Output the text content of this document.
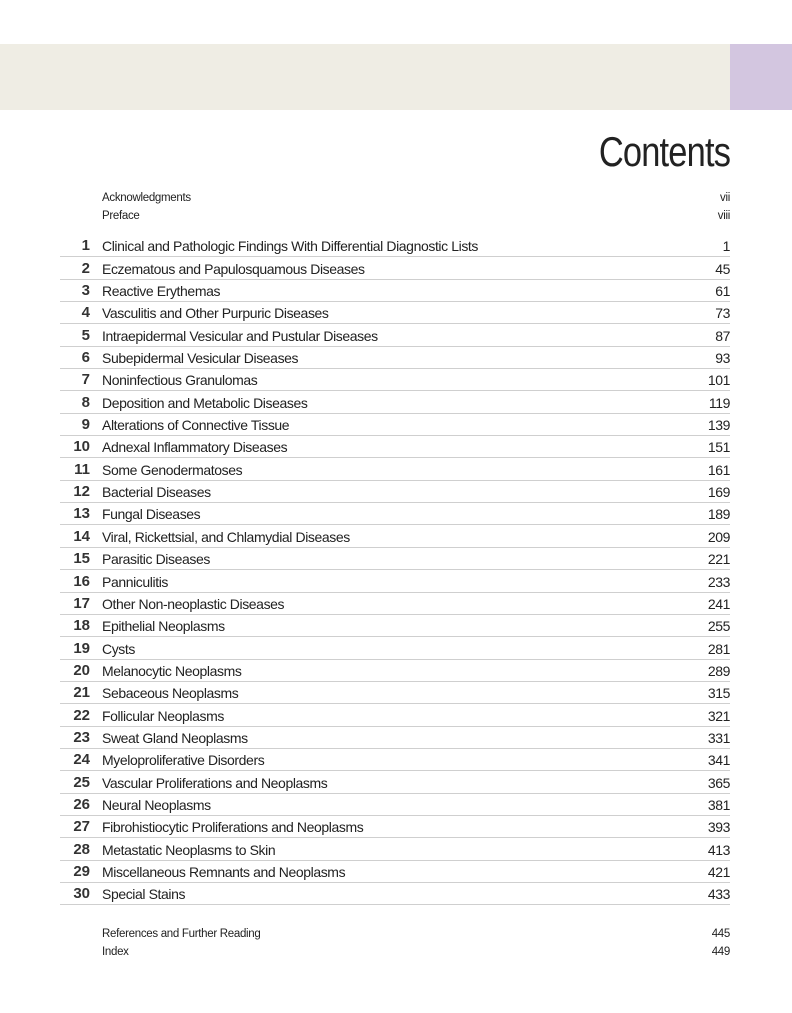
Contents
Acknowledgments	vii
Preface	viii
1 Clinical and Pathologic Findings With Differential Diagnostic Lists	1
2 Eczematous and Papulosquamous Diseases	45
3 Reactive Erythemas	61
4 Vasculitis and Other Purpuric Diseases	73
5 Intraepidermal Vesicular and Pustular Diseases	87
6 Subepidermal Vesicular Diseases	93
7 Noninfectious Granulomas	101
8 Deposition and Metabolic Diseases	119
9 Alterations of Connective Tissue	139
10 Adnexal Inflammatory Diseases	151
11 Some Genodermatoses	161
12 Bacterial Diseases	169
13 Fungal Diseases	189
14 Viral, Rickettsial, and Chlamydial Diseases	209
15 Parasitic Diseases	221
16 Panniculitis	233
17 Other Non-neoplastic Diseases	241
18 Epithelial Neoplasms	255
19 Cysts	281
20 Melanocytic Neoplasms	289
21 Sebaceous Neoplasms	315
22 Follicular Neoplasms	321
23 Sweat Gland Neoplasms	331
24 Myeloproliferative Disorders	341
25 Vascular Proliferations and Neoplasms	365
26 Neural Neoplasms	381
27 Fibrohistiocytic Proliferations and Neoplasms	393
28 Metastatic Neoplasms to Skin	413
29 Miscellaneous Remnants and Neoplasms	421
30 Special Stains	433
References and Further Reading	445
Index	449
